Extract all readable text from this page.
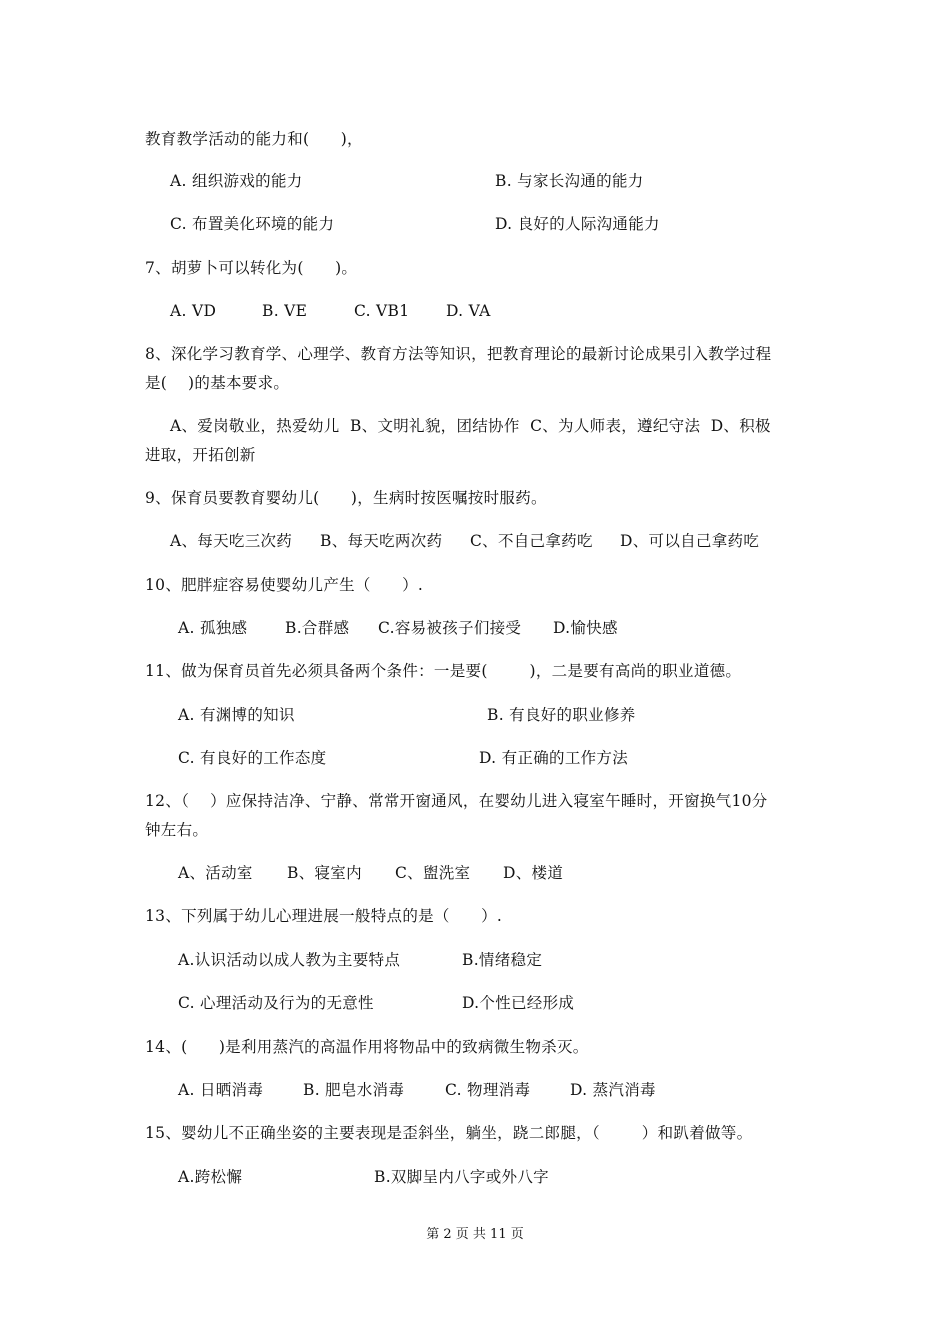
教育教学活动的能力和(      )，
A. 组织游戏的能力	B. 与家长沟通的能力
C. 布置美化环境的能力	D. 良好的人际沟通能力
7、胡萝卜可以转化为(      )。
A. VD	B. VE	C. VB1 D. VA
8、深化学习教育学、心理学、教育方法等知识，把教育理论的最新讨论成果引入教学过程
是(    )的基本要求。
A、爱岗敬业，热爱幼儿  B、文明礼貌，团结协作  C、为人师表，遵纪守法  D、积极
进取，开拓创新
9、保育员要教育婴幼儿(      )，生病时按医嘱按时服药。
A、每天吃三次药 B、每天吃两次药 C、不自己拿药吃 D、可以自己拿药吃
10、肥胖症容易使婴幼儿产生（      ）.
A. 孤独感 B.合群感 C.容易被孩子们接受 D.愉快感
11、做为保育员首先必须具备两个条件：一是要(        )，二是要有高尚的职业道德。
A. 有渊博的知识	B. 有良好的职业修养
C. 有良好的工作态度	D. 有正确的工作方法
12、（    ）应保持洁净、宁静、常常开窗通风，在婴幼儿进入寝室午睡时，开窗换气10分
钟左右。
A、活动室 B、寝室内 C、盥洗室 D、楼道
13、下列属于幼儿心理进展一般特点的是（      ）.
A.认识活动以成人教为主要特点	B.情绪稳定
C. 心理活动及行为的无意性	D.个性已经形成
14、(      )是利用蒸汽的高温作用将物品中的致病微生物杀灭。
A. 日晒消毒	B. 肥皂水消毒	C. 物理消毒	D. 蒸汽消毒
15、婴幼儿不正确坐姿的主要表现是歪斜坐，躺坐，跷二郎腿，（        ）和趴着做等。
A.跨松懈	B.双脚呈内八字或外八字
第 2 页 共 11 页
